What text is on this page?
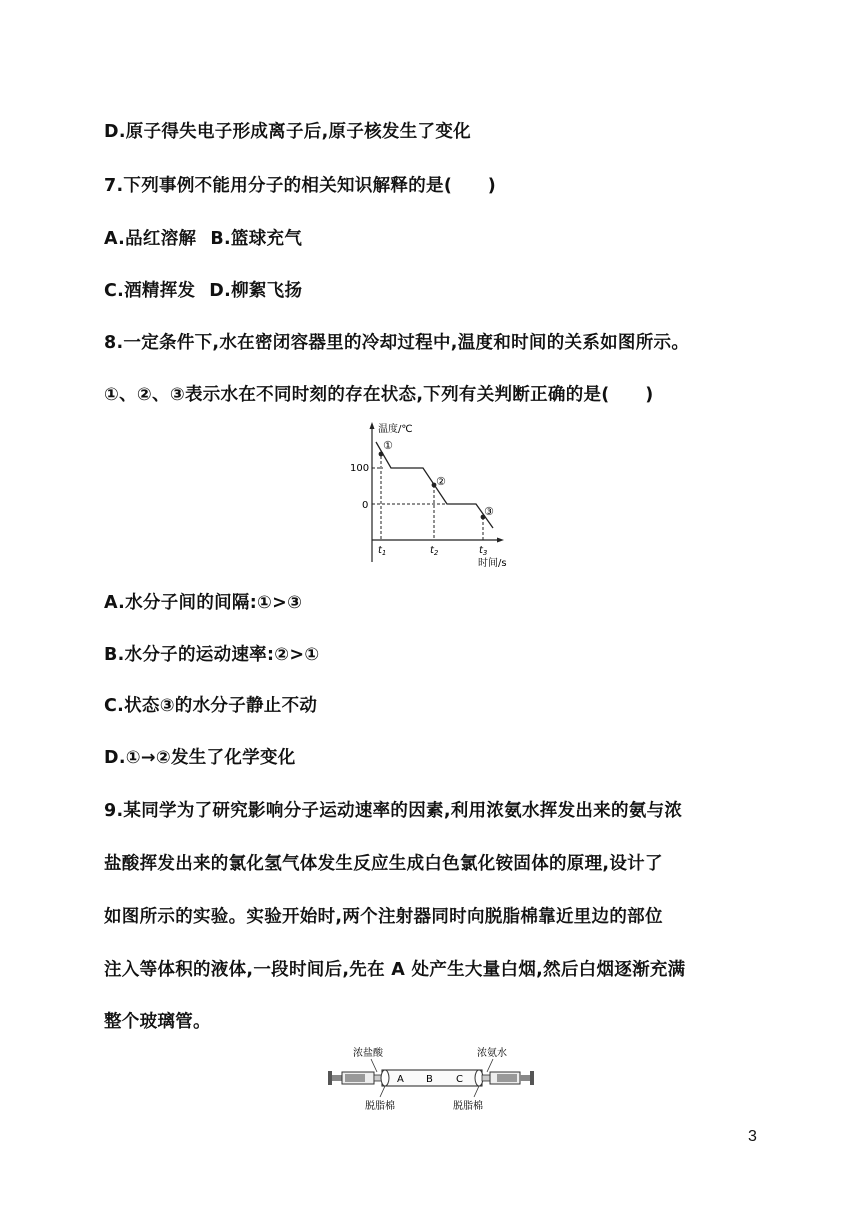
D.原子得失电子形成离子后,原子核发生了变化
7.下列事例不能用分子的相关知识解释的是(　　)
A.品红溶解 B.篮球充气
C.酒精挥发 D.柳絮飞扬
8.一定条件下,水在密闭容器里的冷却过程中,温度和时间的关系如图所示。
①、②、③表示水在不同时刻的存在状态,下列有关判断正确的是(　　)
温度/℃
100
0
①
②
③
$t_1$	$t_2$	$t_3$
时间/s
A.水分子间的间隔:①>③
B.水分子的运动速率:②>①
C.状态③的水分子静止不动
D.①→②发生了化学变化
9.某同学为了研究影响分子运动速率的因素,利用浓氨水挥发出来的氨与浓
盐酸挥发出来的氯化氢气体发生反应生成白色氯化铵固体的原理,设计了
如图所示的实验。实验开始时,两个注射器同时向脱脂棉靠近里边的部位
注入等体积的液体,一段时间后,先在 A 处产生大量白烟,然后白烟逐渐充满
整个玻璃管。
浓盐酸	浓氨水
A B C
脱脂棉	脱脂棉
3
